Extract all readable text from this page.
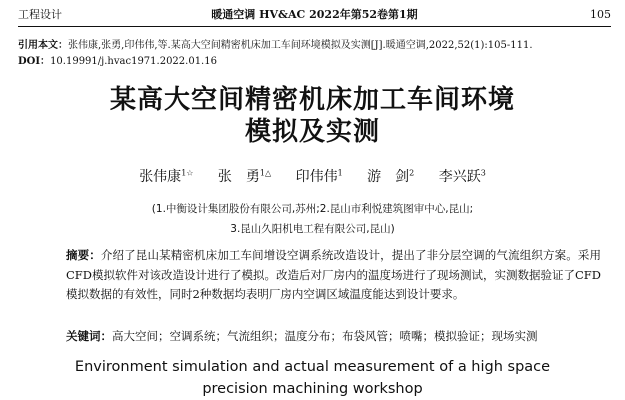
工程设计	暖通空调 HV&AC 2022年第52卷第1期	105
引用本文：张伟康,张勇,印伟伟,等.某高大空间精密机床加工车间环境模拟及实测[J].暖通空调,2022,52(1):105-111.
DOI：10.19991/j.hvac1971.2022.01.16
某高大空间精密机床加工车间环境
模拟及实测
张伟康$^{1☆}$ 张　勇$^{1\triangle}$ 印伟伟$^1$ 游　剑$^2$ 李兴跃$^3$
(1.中衡设计集团股份有限公司,苏州;2.昆山市利悦建筑图审中心,昆山;
3.昆山久阳机电工程有限公司,昆山)
摘要：介绍了昆山某精密机床加工车间增设空调系统改造设计，提出了非分层空调的气流组织方案。采用CFD模拟软件对该改造设计进行了模拟。改造后对厂房内的温度场进行了现场测试，实测数据验证了CFD模拟数据的有效性，同时2种数据均表明厂房内空调区域温度能达到设计要求。
关键词：高大空间；空调系统；气流组织；温度分布；布袋风管；喷嘴；模拟验证；现场实测
Environment simulation and actual measurement of a high space
precision machining workshop
